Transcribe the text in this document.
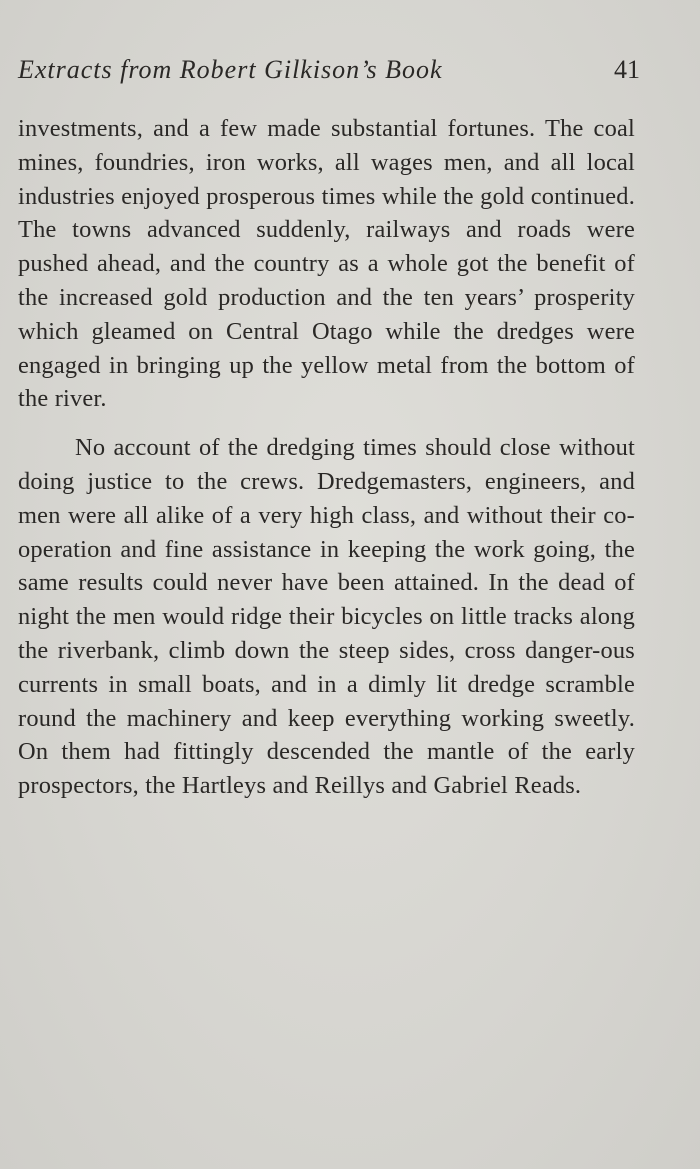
Extracts from Robert Gilkison’s Book	41

investments, and a few made substantial fortunes. The coal mines, foundries, iron works, all wages men, and all local industries enjoyed prosperous times while the gold continued. The towns advanced suddenly, railways and roads were pushed ahead, and the country as a whole got the benefit of the increased gold production and the ten years’ prosperity which gleamed on Central Otago while the dredges were engaged in bringing up the yellow metal from the bottom of the river.

No account of the dredging times should close without doing justice to the crews. Dredgemasters, engineers, and men were all alike of a very high class, and without their co-operation and fine assistance in keeping the work going, the same results could never have been attained. In the dead of night the men would ridge their bicycles on little tracks along the riverbank, climb down the steep sides, cross danger-ous currents in small boats, and in a dimly lit dredge scramble round the machinery and keep everything working sweetly. On them had fittingly descended the mantle of the early prospectors, the Hartleys and Reillys and Gabriel Reads.
